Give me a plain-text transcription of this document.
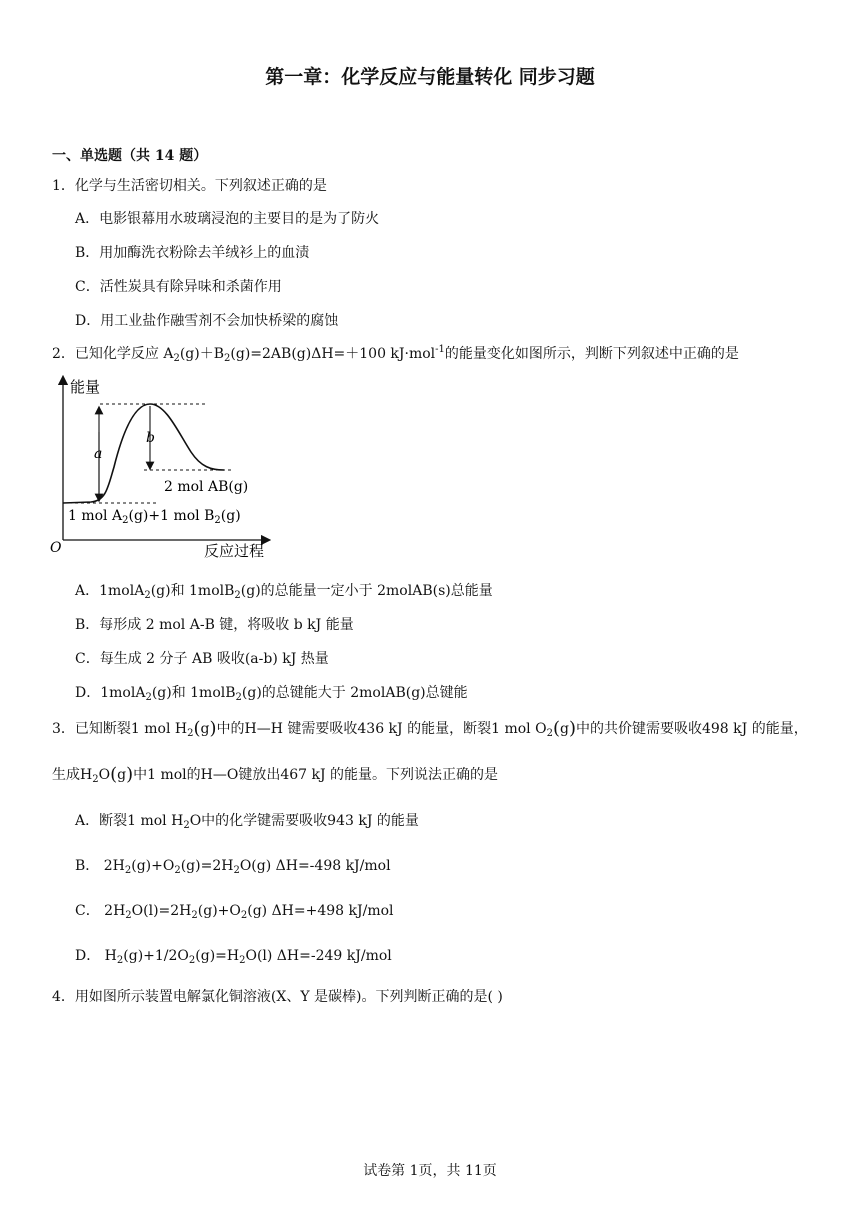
第一章：化学反应与能量转化 同步习题
一、单选题（共 14 题）
1．化学与生活密切相关。下列叙述正确的是
A．电影银幕用水玻璃浸泡的主要目的是为了防火
B．用加酶洗衣粉除去羊绒衫上的血渍
C．活性炭具有除异味和杀菌作用
D．用工业盐作融雪剂不会加快桥梁的腐蚀
2．已知化学反应 $A_2(g)+B_2(g)=2AB(g)\Delta H=+100$ kJ·mol$^{-1}$的能量变化如图所示，判断下列叙述中正确的是
能量
反应过程
O
a
b
2 mol AB(g)
1 mol A2(g)+1 mol B2(g)
A．1molA$_2$(g)和 1molB$_2$(g)的总能量一定小于 2molAB(s)总能量
B．每形成 2 mol A-B 键，将吸收 b kJ 能量
C．每生成 2 分子 AB 吸收(a-b) kJ 热量
D．1molA$_2$(g)和 1molB$_2$(g)的总键能大于 2molAB(g)总键能
3．已知断裂1 mol $H_2(g)$中的H—H 键需要吸收436 kJ 的能量，断裂1 mol $O_2(g)$中的共价键需要吸收498 kJ 的能量，
生成$H_2O(g)$中1 mol的H—O键放出467 kJ 的能量。下列说法正确的是
A．断裂1 mol $H_2O$中的化学键需要吸收943 kJ 的能量
B． $2H_2(g)+O_2(g)=2H_2O(g)$ ΔH=-498 kJ/mol
C． $2H_2O(l)=2H_2(g)+O_2(g)$ ΔH=+498 kJ/mol
D． $H_2(g)+1/2O_2(g)=H_2O(l)$ ΔH=-249 kJ/mol
4．用如图所示装置电解氯化铜溶液(X、Y 是碳棒)。下列判断正确的是( )
试卷第 1页，共 11页
